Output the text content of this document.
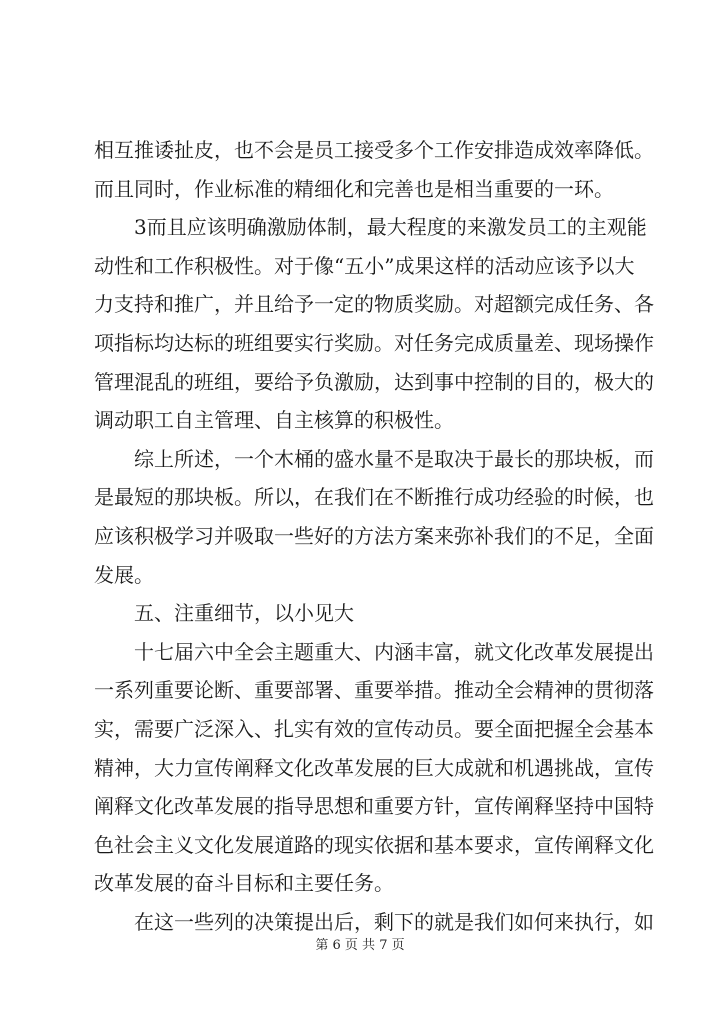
相互推诿扯皮，也不会是员工接受多个工作安排造成效率降低。
而且同时，作业标准的精细化和完善也是相当重要的一环。
3而且应该明确激励体制，最大程度的来激发员工的主观能
动性和工作积极性。对于像“五小”成果这样的活动应该予以大
力支持和推广，并且给予一定的物质奖励。对超额完成任务、各
项指标均达标的班组要实行奖励。对任务完成质量差、现场操作
管理混乱的班组，要给予负激励，达到事中控制的目的，极大的
调动职工自主管理、自主核算的积极性。
综上所述，一个木桶的盛水量不是取决于最长的那块板，而
是最短的那块板。所以，在我们在不断推行成功经验的时候，也
应该积极学习并吸取一些好的方法方案来弥补我们的不足，全面
发展。
五、注重细节，以小见大
十七届六中全会主题重大、内涵丰富，就文化改革发展提出
一系列重要论断、重要部署、重要举措。推动全会精神的贯彻落
实，需要广泛深入、扎实有效的宣传动员。要全面把握全会基本
精神，大力宣传阐释文化改革发展的巨大成就和机遇挑战，宣传
阐释文化改革发展的指导思想和重要方针，宣传阐释坚持中国特
色社会主义文化发展道路的现实依据和基本要求，宣传阐释文化
改革发展的奋斗目标和主要任务。
在这一些列的决策提出后，剩下的就是我们如何来执行，如
第 6 页 共 7 页
